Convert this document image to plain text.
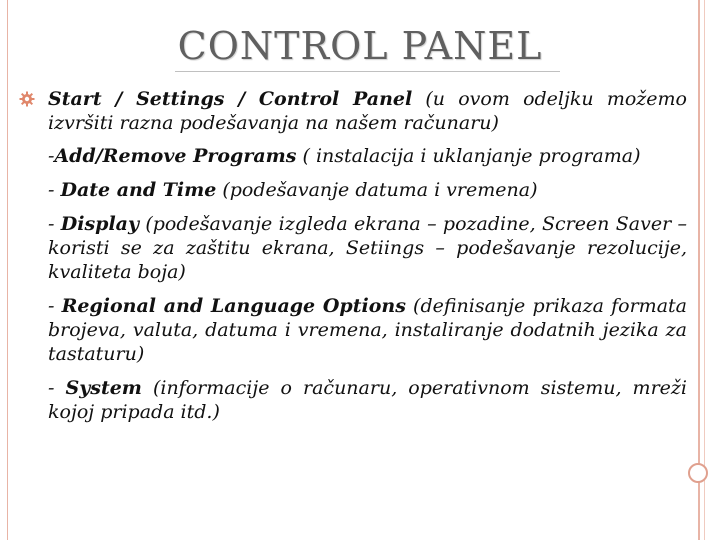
CONTROL PANEL
Start / Settings / Control Panel (u ovom odeljku možemo izvršiti razna podešavanja na našem računaru)
-Add/Remove Programs ( instalacija i uklanjanje programa)
- Date and Time (podešavanje datuma i vremena)
- Display (podešavanje izgleda ekrana – pozadine, Screen Saver – koristi se za zaštitu ekrana, Setiings – podešavanje rezolucije, kvaliteta boja)
- Regional and Language Options (definisanje prikaza formata brojeva, valuta, datuma i vremena, instaliranje dodatnih jezika za tastaturu)
- System (informacije o računaru, operativnom sistemu, mreži kojoj pripada itd.)
